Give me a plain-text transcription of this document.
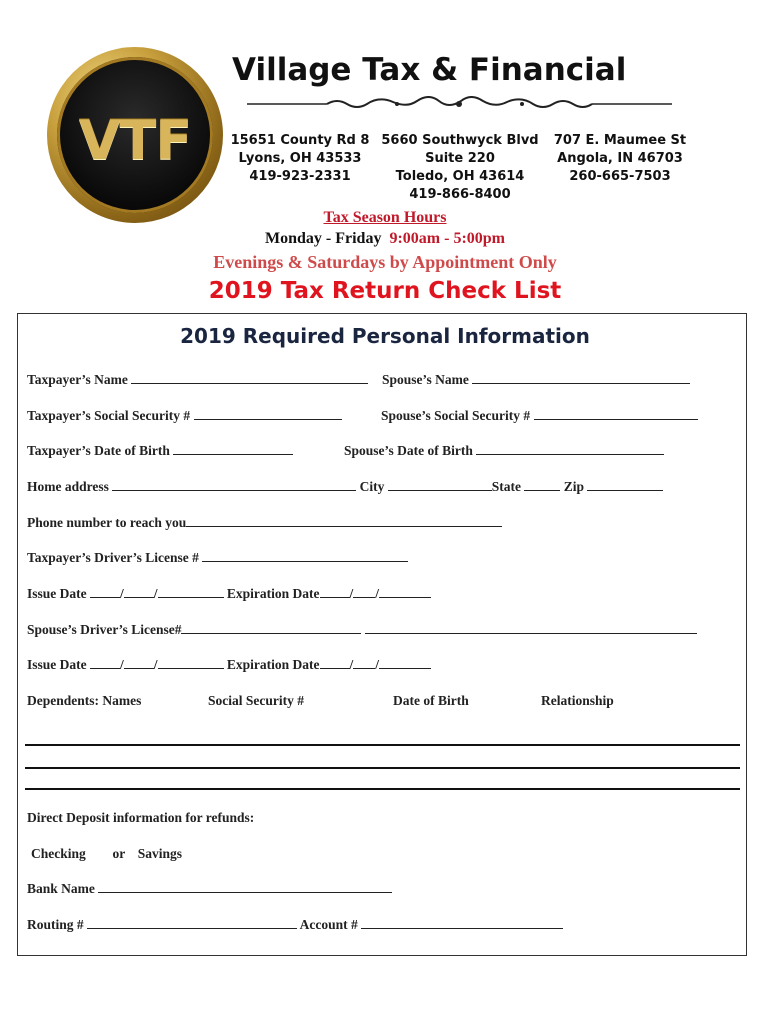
VTF
Village Tax & Financial
15651 County Rd 8
Lyons, OH 43533
419-923-2331
5660 Southwyck Blvd
Suite 220
Toledo, OH 43614
419-866-8400
707 E. Maumee St
Angola, IN 46703
260-665-7503
Tax Season Hours
Monday - Friday 9:00am - 5:00pm
Evenings & Saturdays by Appointment Only
2019 Tax Return Check List
2019 Required Personal Information
Taxpayer’s Name	Spouse’s Name
Taxpayer’s Social Security #	Spouse’s Social Security #
Taxpayer’s Date of Birth	Spouse’s Date of Birth
Home address	City	State	Zip
Phone number to reach you
Taxpayer’s Driver’s License #
Issue Date / /	Expiration Date / /
Spouse’s Driver’s License#
Issue Date / /	Expiration Date / /
Dependents: Names	Social Security #	Date of Birth	Relationship
Direct Deposit information for refunds:
Checking or Savings
Bank Name
Routing #	Account #
